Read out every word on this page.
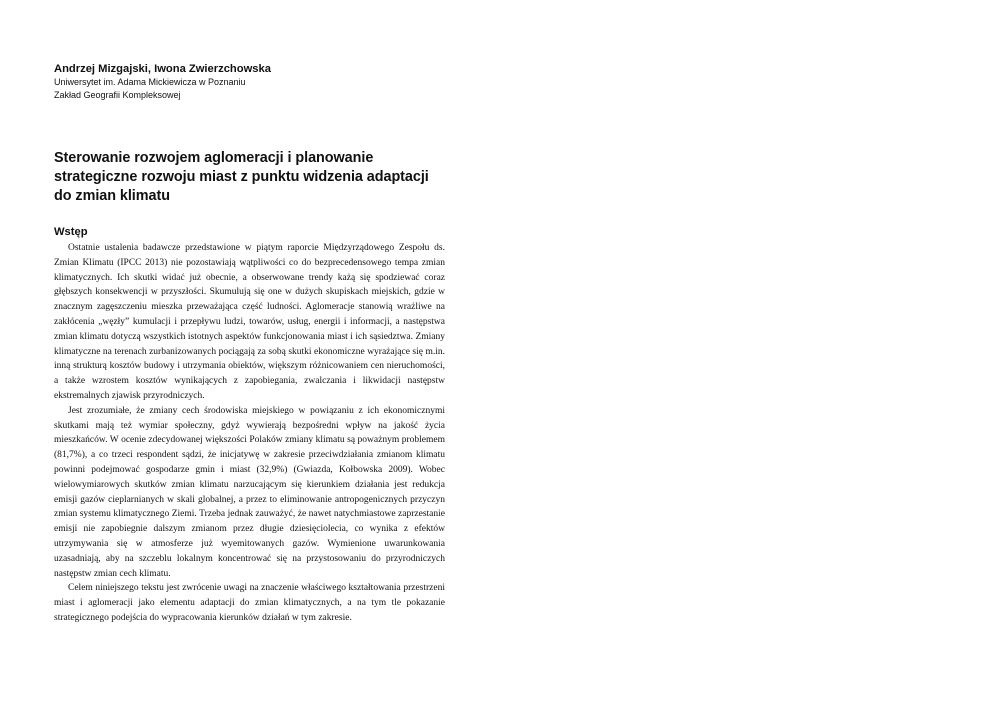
Andrzej Mizgajski, Iwona Zwierzchowska

Uniwersytet im. Adama Mickiewicza w Poznaniu

Zakład Geografii Kompleksowej

Sterowanie rozwojem aglomeracji i planowanie
strategiczne rozwoju miast z punktu widzenia adaptacji
do zmian klimatu
Wstęp

Ostatnie ustalenia badawcze przedstawione w piątym raporcie Międzyrządowego Zespołu ds. Zmian Klimatu (IPCC 2013) nie pozostawiają wątpliwości co do bezprecedensowego tempa zmian klimatycznych. Ich skutki widać już obecnie, a obserwowane trendy każą się spodziewać coraz głębszych konsekwencji w przyszłości. Skumulują się one w dużych skupiskach miejskich, gdzie w znacznym zagęszczeniu mieszka przeważająca część ludności. Aglomeracje stanowią wrażliwe na zakłócenia „węzły” kumulacji i przepływu ludzi, towarów, usług, energii i informacji, a następstwa zmian klimatu dotyczą wszystkich istotnych aspektów funkcjonowania miast i ich sąsiedztwa. Zmiany klimatyczne na terenach zurbanizowanych pociągają za sobą skutki ekonomiczne wyrażające się m.in. inną strukturą kosztów budowy i utrzymania obiektów, większym różnicowaniem cen nieruchomości, a także wzrostem kosztów wynikających z zapobiegania, zwalczania i likwidacji następstw ekstremalnych zjawisk przyrodniczych.

Jest zrozumiałe, że zmiany cech środowiska miejskiego w powiązaniu z ich ekonomicznymi skutkami mają też wymiar społeczny, gdyż wywierają bezpośredni wpływ na jakość życia mieszkańców. W ocenie zdecydowanej większości Polaków zmiany klimatu są poważnym problemem (81,7%), a co trzeci respondent sądzi, że inicjatywę w zakresie przeciwdziałania zmianom klimatu powinni podejmować gospodarze gmin i miast (32,9%) (Gwiazda, Kołbowska 2009). Wobec wielowymiarowych skutków zmian klimatu narzucającym się kierunkiem działania jest redukcja emisji gazów cieplarnianych w skali globalnej, a przez to eliminowanie antropogenicznych przyczyn zmian systemu klimatycznego Ziemi. Trzeba jednak zauważyć, że nawet natychmiastowe zaprzestanie emisji nie zapobiegnie dalszym zmianom przez długie dziesięciolecia, co wynika z efektów utrzymywania się w atmosferze już wyemitowanych gazów. Wymienione uwarunkowania uzasadniają, aby na szczeblu lokalnym koncentrować się na przystosowaniu do przyrodniczych następstw zmian cech klimatu.

Celem niniejszego tekstu jest zwrócenie uwagi na znaczenie właściwego kształtowania przestrzeni miast i aglomeracji jako elementu adaptacji do zmian klimatycznych, a na tym tle pokazanie strategicznego podejścia do wypracowania kierunków działań w tym zakresie.
